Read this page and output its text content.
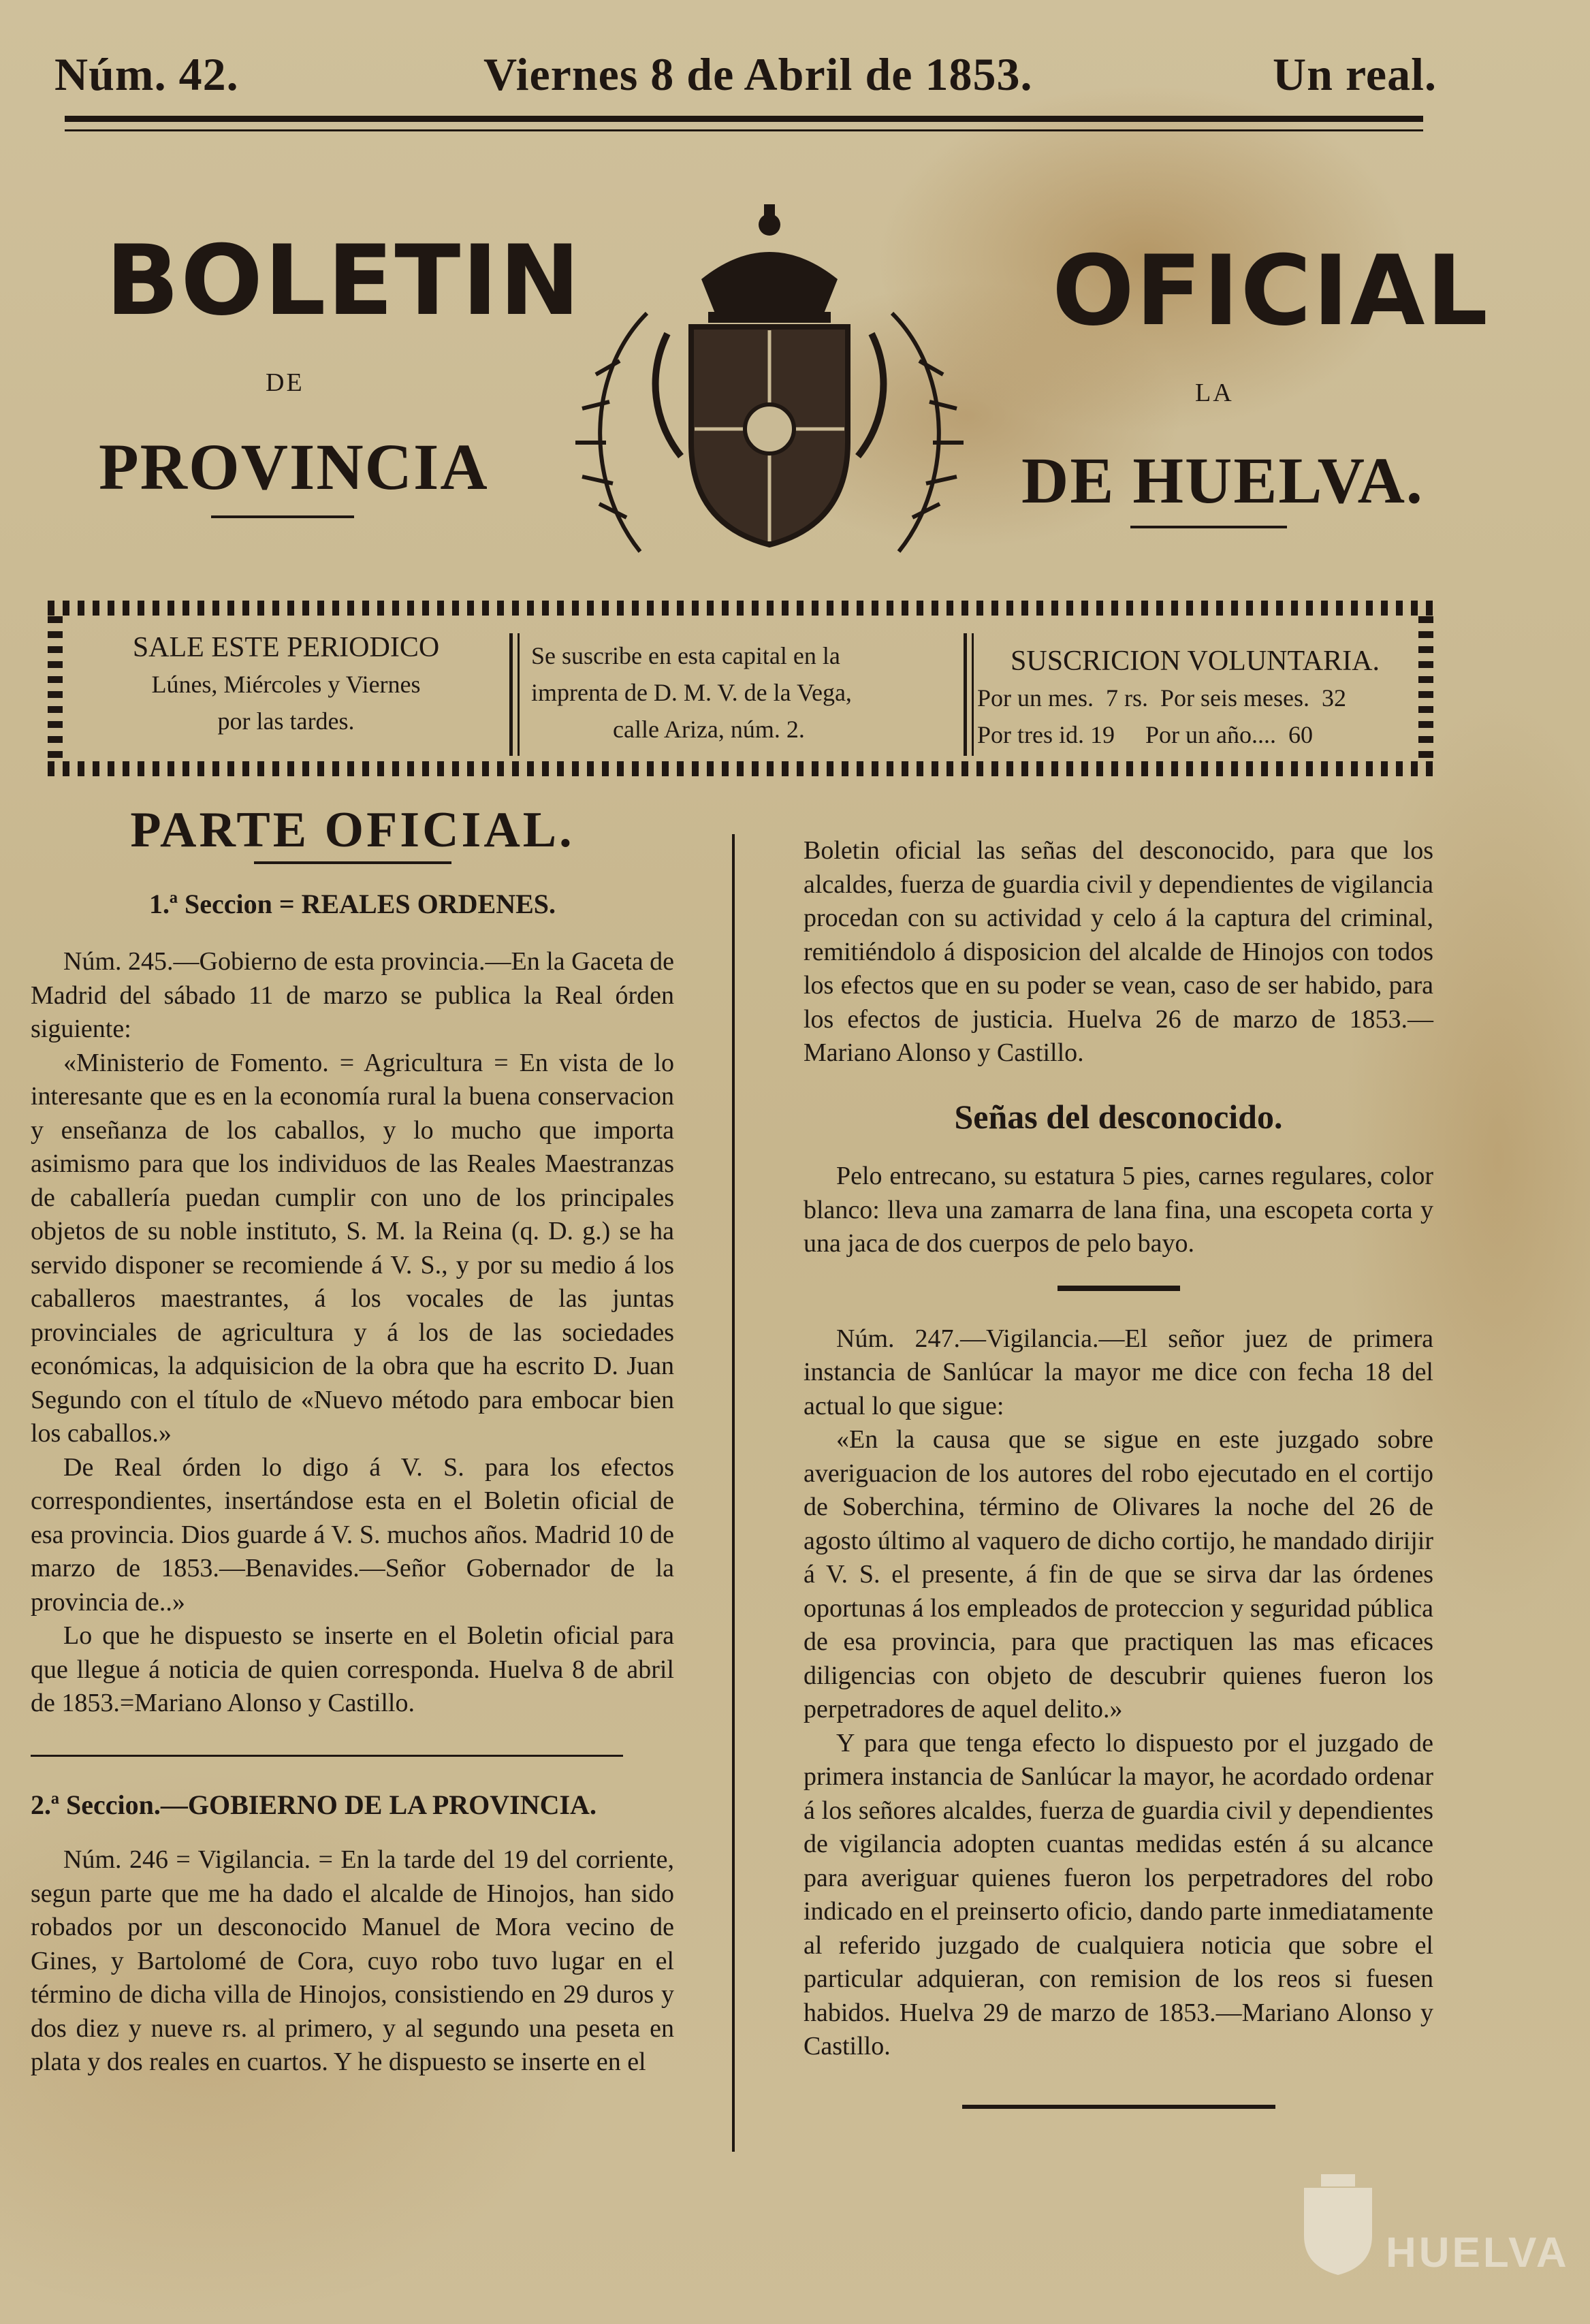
Núm. 42.	Viernes 8 de Abril de 1853.	Un real.
BOLETIN
DE
PROVINCIA
OFICIAL
LA
DE HUELVA.
SALE ESTE PERIODICO
Lúnes, Miércoles y Viernes
por las tardes.
Se suscribe en esta capital en la
imprenta de D. M. V. de la Vega,
calle Ariza, núm. 2.
SUSCRICION VOLUNTARIA.
Por un mes.  7 rs.  Por seis meses.  32
Por tres id. 19     Por un año....  60
PARTE OFICIAL.
1.ª Seccion = REALES ORDENES.

Núm. 245.—Gobierno de esta provincia.—En la Gaceta de Madrid del sábado 11 de marzo se publica la Real órden siguiente:

«Ministerio de Fomento. = Agricultura = En vista de lo interesante que es en la economía rural la buena conservacion y enseñanza de los caballos, y lo mucho que importa asimismo para que los individuos de las Reales Maestranzas de caballería puedan cumplir con uno de los principales objetos de su noble instituto, S. M. la Reina (q. D. g.) se ha servido disponer se recomiende á V. S., y por su medio á los caballeros maestrantes, á los vocales de las juntas provinciales de agricultura y á los de las sociedades económicas, la adquisicion de la obra que ha escrito D. Juan Segundo con el título de «Nuevo método para embocar bien los caballos.»

De Real órden lo digo á V. S. para los efectos correspondientes, insertándose esta en el Boletin oficial de esa provincia. Dios guarde á V. S. muchos años. Madrid 10 de marzo de 1853.—Benavides.—Señor Gobernador de la provincia de..»

Lo que he dispuesto se inserte en el Boletin oficial para que llegue á noticia de quien corresponda. Huelva 8 de abril de 1853.=Mariano Alonso y Castillo.

2.ª Seccion.—GOBIERNO DE LA PROVINCIA.

Núm. 246 = Vigilancia. = En la tarde del 19 del corriente, segun parte que me ha dado el alcalde de Hinojos, han sido robados por un desconocido Manuel de Mora vecino de Gines, y Bartolomé de Cora, cuyo robo tuvo lugar en el término de dicha villa de Hinojos, consistiendo en 29 duros y dos diez y nueve rs. al primero, y al segundo una peseta en plata y dos reales en cuartos. Y he dispuesto se inserte en el

Boletin oficial las señas del desconocido, para que los alcaldes, fuerza de guardia civil y dependientes de vigilancia procedan con su actividad y celo á la captura del criminal, remitiéndolo á disposicion del alcalde de Hinojos con todos los efectos que en su poder se vean, caso de ser habido, para los efectos de justicia. Huelva 26 de marzo de 1853.—Mariano Alonso y Castillo.

Señas del desconocido.

Pelo entrecano, su estatura 5 pies, carnes regulares, color blanco: lleva una zamarra de lana fina, una escopeta corta y una jaca de dos cuerpos de pelo bayo.

Núm. 247.—Vigilancia.—El señor juez de primera instancia de Sanlúcar la mayor me dice con fecha 18 del actual lo que sigue:

«En la causa que se sigue en este juzgado sobre averiguacion de los autores del robo ejecutado en el cortijo de Soberchina, término de Olivares la noche del 26 de agosto último al vaquero de dicho cortijo, he mandado dirijir á V. S. el presente, á fin de que se sirva dar las órdenes oportunas á los empleados de proteccion y seguridad pública de esa provincia, para que practiquen las mas eficaces diligencias con objeto de descubrir quienes fueron los perpetradores de aquel delito.»

Y para que tenga efecto lo dispuesto por el juzgado de primera instancia de Sanlúcar la mayor, he acordado ordenar á los señores alcaldes, fuerza de guardia civil y dependientes de vigilancia adopten cuantas medidas estén á su alcance para averiguar quienes fueron los perpetradores del robo indicado en el preinserto oficio, dando parte inmediatamente al referido juzgado de cualquiera noticia que sobre el particular adquieran, con remision de los reos si fuesen habidos. Huelva 29 de marzo de 1853.—Mariano Alonso y Castillo.

HUELVA
